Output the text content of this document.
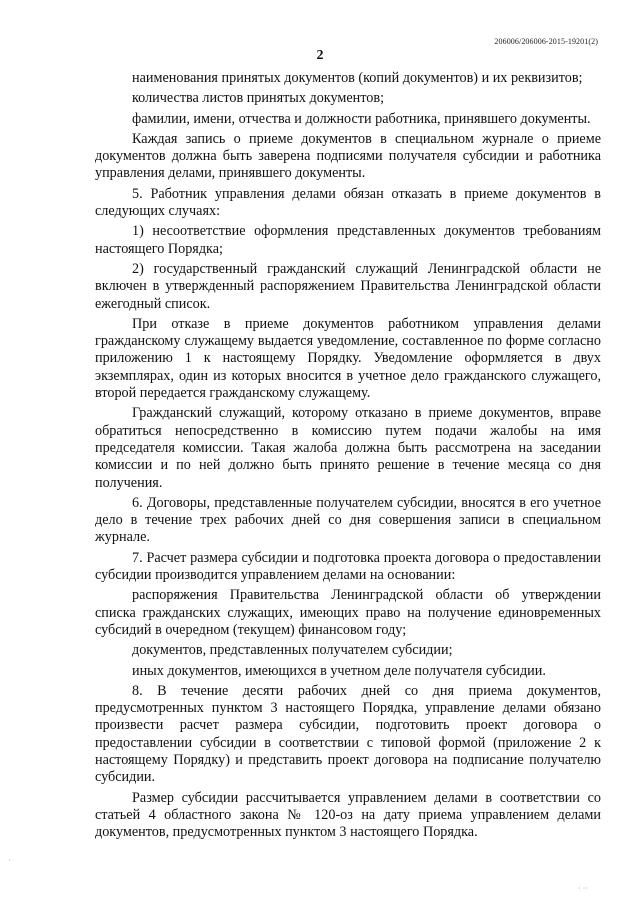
206006/206006-2015-19201(2)
2

наименования принятых документов (копий документов) и их реквизитов;

количества листов принятых документов;

фамилии, имени, отчества и должности работника, принявшего документы.

Каждая запись о приеме документов в специальном журнале о приеме документов должна быть заверена подписями получателя субсидии и работника управления делами, принявшего документы.

5. Работник управления делами обязан отказать в приеме документов в следующих случаях:

1) несоответствие оформления представленных документов требованиям настоящего Порядка;

2) государственный гражданский служащий Ленинградской области не включен в утвержденный распоряжением Правительства Ленинградской области ежегодный список.

При отказе в приеме документов работником управления делами гражданскому служащему выдается уведомление, составленное по форме согласно приложению 1 к настоящему Порядку. Уведомление оформляется в двух экземплярах, один из которых вносится в учетное дело гражданского служащего, второй передается гражданскому служащему.

Гражданский служащий, которому отказано в приеме документов, вправе обратиться непосредственно в комиссию путем подачи жалобы на имя председателя комиссии. Такая жалоба должна быть рассмотрена на заседании комиссии и по ней должно быть принято решение в течение месяца со дня получения.

6. Договоры, представленные получателем субсидии, вносятся в его учетное дело в течение трех рабочих дней со дня совершения записи в специальном журнале.

7. Расчет размера субсидии и подготовка проекта договора о предоставлении субсидии производится управлением делами на основании:

распоряжения Правительства Ленинградской области об утверждении списка гражданских служащих, имеющих право на получение единовременных субсидий в очередном (текущем) финансовом году;

документов, представленных получателем субсидии;

иных документов, имеющихся в учетном деле получателя субсидии.

8. В течение десяти рабочих дней со дня приема документов, предусмотренных пунктом 3 настоящего Порядка, управление делами обязано произвести расчет размера субсидии, подготовить проект договора о предоставлении субсидии в соответствии с типовой формой (приложение 2 к настоящему Порядку) и представить проект договора на подписание получателю субсидии.

Размер субсидии рассчитывается управлением делами в соответствии со статьей 4 областного закона № 120-оз на дату приема управлением делами документов, предусмотренных пунктом 3 настоящего Порядка.

·
· ··
